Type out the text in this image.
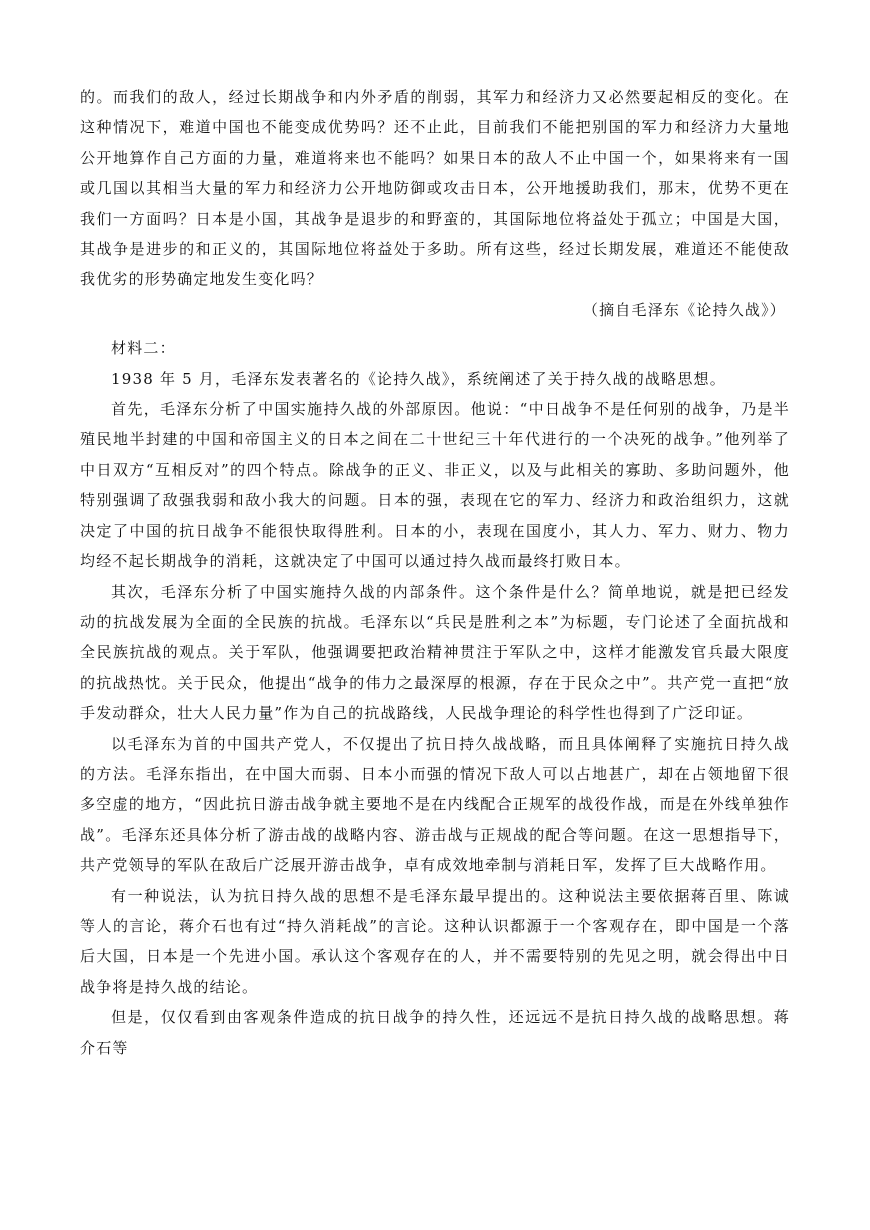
的。而我们的敌人，经过长期战争和内外矛盾的削弱，其军力和经济力又必然要起相反的变化。在这种情况下，难道中国也不能变成优势吗？还不止此，目前我们不能把别国的军力和经济力大量地公开地算作自己方面的力量，难道将来也不能吗？如果日本的敌人不止中国一个，如果将来有一国或几国以其相当大量的军力和经济力公开地防御或攻击日本，公开地援助我们，那末，优势不更在我们一方面吗？日本是小国，其战争是退步的和野蛮的，其国际地位将益处于孤立；中国是大国，其战争是进步的和正义的，其国际地位将益处于多助。所有这些，经过长期发展，难道还不能使敌我优劣的形势确定地发生变化吗？

（摘自毛泽东《论持久战》）

材料二：

1938 年 5 月，毛泽东发表著名的《论持久战》，系统阐述了关于持久战的战略思想。

首先，毛泽东分析了中国实施持久战的外部原因。他说：“中日战争不是任何别的战争，乃是半殖民地半封建的中国和帝国主义的日本之间在二十世纪三十年代进行的一个决死的战争。”他列举了中日双方“互相反对”的四个特点。除战争的正义、非正义，以及与此相关的寡助、多助问题外，他特别强调了敌强我弱和敌小我大的问题。日本的强，表现在它的军力、经济力和政治组织力，这就决定了中国的抗日战争不能很快取得胜利。日本的小，表现在国度小，其人力、军力、财力、物力均经不起长期战争的消耗，这就决定了中国可以通过持久战而最终打败日本。

其次，毛泽东分析了中国实施持久战的内部条件。这个条件是什么？简单地说，就是把已经发动的抗战发展为全面的全民族的抗战。毛泽东以“兵民是胜利之本”为标题，专门论述了全面抗战和全民族抗战的观点。关于军队，他强调要把政治精神贯注于军队之中，这样才能激发官兵最大限度的抗战热忱。关于民众，他提出“战争的伟力之最深厚的根源，存在于民众之中”。共产党一直把“放手发动群众，壮大人民力量”作为自己的抗战路线，人民战争理论的科学性也得到了广泛印证。

以毛泽东为首的中国共产党人，不仅提出了抗日持久战战略，而且具体阐释了实施抗日持久战的方法。毛泽东指出，在中国大而弱、日本小而强的情况下敌人可以占地甚广，却在占领地留下很多空虚的地方，“因此抗日游击战争就主要地不是在内线配合正规军的战役作战，而是在外线单独作战”。毛泽东还具体分析了游击战的战略内容、游击战与正规战的配合等问题。在这一思想指导下，共产党领导的军队在敌后广泛展开游击战争，卓有成效地牵制与消耗日军，发挥了巨大战略作用。

有一种说法，认为抗日持久战的思想不是毛泽东最早提出的。这种说法主要依据蒋百里、陈诚等人的言论，蒋介石也有过“持久消耗战”的言论。这种认识都源于一个客观存在，即中国是一个落后大国，日本是一个先进小国。承认这个客观存在的人，并不需要特别的先见之明，就会得出中日战争将是持久战的结论。

但是，仅仅看到由客观条件造成的抗日战争的持久性，还远远不是抗日持久战的战略思想。蒋介石等
